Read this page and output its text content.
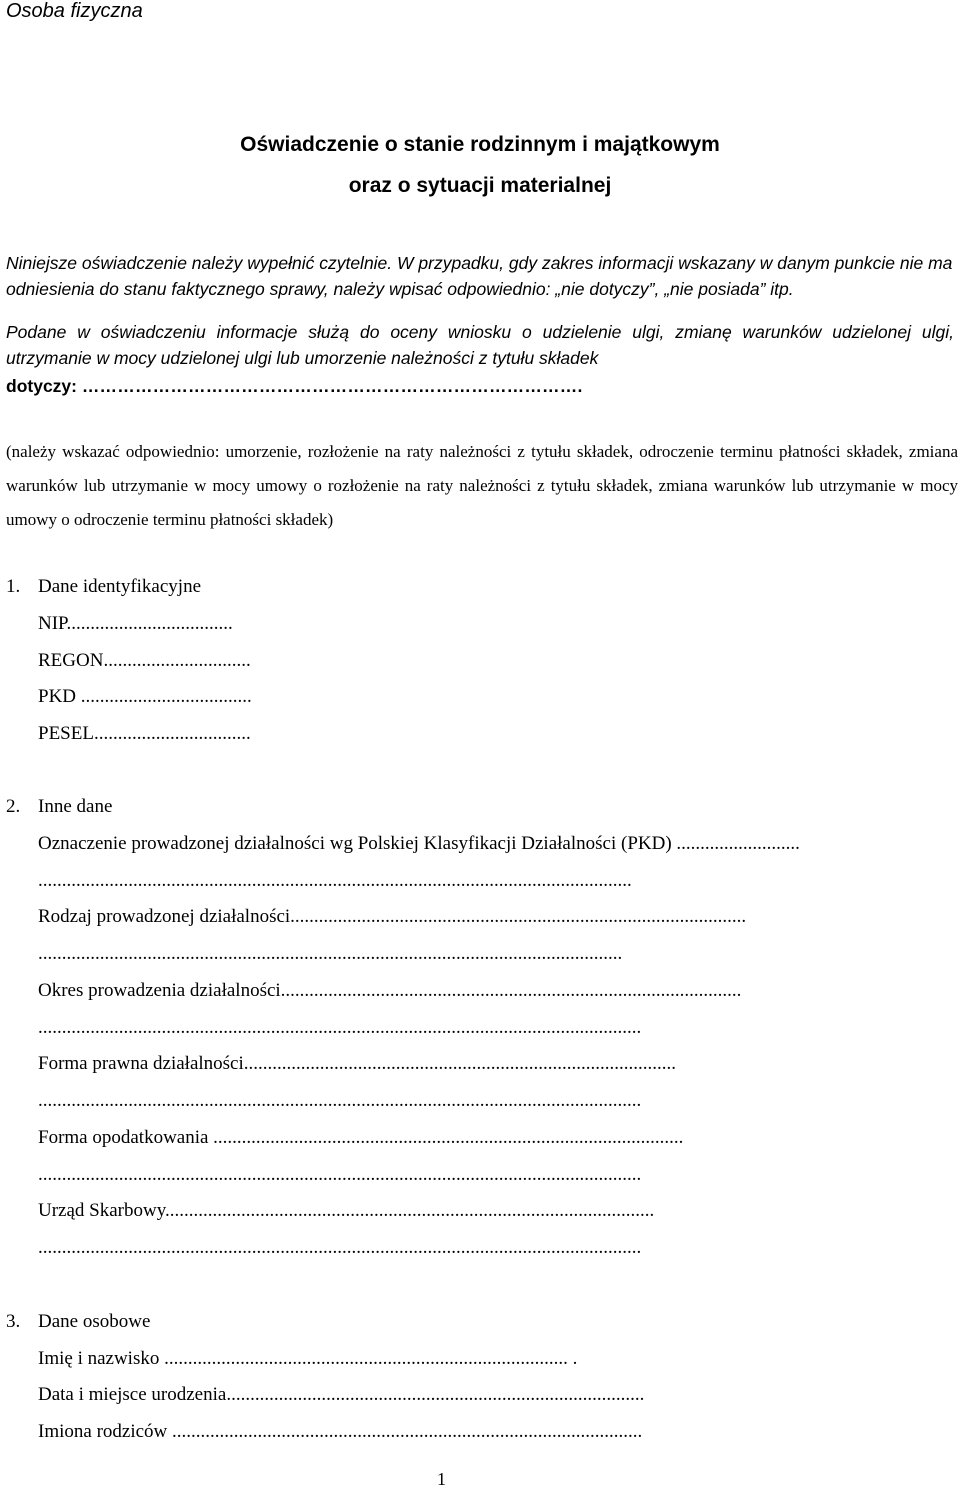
Osoba fizyczna
Oświadczenie o stanie rodzinnym i majątkowym
oraz o sytuacji materialnej
Niniejsze oświadczenie należy wypełnić czytelnie. W przypadku, gdy zakres informacji wskazany w danym punkcie nie ma odniesienia do stanu faktycznego sprawy, należy wpisać odpowiednio: „nie dotyczy”, „nie posiada” itp.
Podane w oświadczeniu informacje służą do oceny wniosku o udzielenie ulgi, zmianę warunków udzielonej ulgi, utrzymanie w mocy udzielonej ulgi lub umorzenie należności z tytułu składek
dotyczy: ………………………………………………………………………….
(należy wskazać odpowiednio: umorzenie, rozłożenie na raty należności z tytułu składek, odroczenie terminu płatności składek, zmiana warunków lub utrzymanie w mocy umowy o rozłożenie na raty należności z tytułu składek, zmiana warunków lub utrzymanie w mocy umowy o odroczenie terminu płatności składek)
1. Dane identyfikacyjne
NIP...................................
REGON...............................
PKD ....................................
PESEL.................................
2. Inne dane
Oznaczenie prowadzonej działalności wg Polskiej Klasyfikacji Działalności (PKD) ..........................
.............................................................................................................................
Rodzaj prowadzonej działalności................................................................................................
...........................................................................................................................
Okres prowadzenia działalności.................................................................................................
...............................................................................................................................
Forma prawna działalności...........................................................................................
...............................................................................................................................
Forma opodatkowania ...................................................................................................
...............................................................................................................................
Urząd Skarbowy.......................................................................................................
...............................................................................................................................
3. Dane osobowe
Imię i nazwisko ..................................................................................... .
Data i miejsce urodzenia........................................................................................
Imiona rodziców ...................................................................................................
1
